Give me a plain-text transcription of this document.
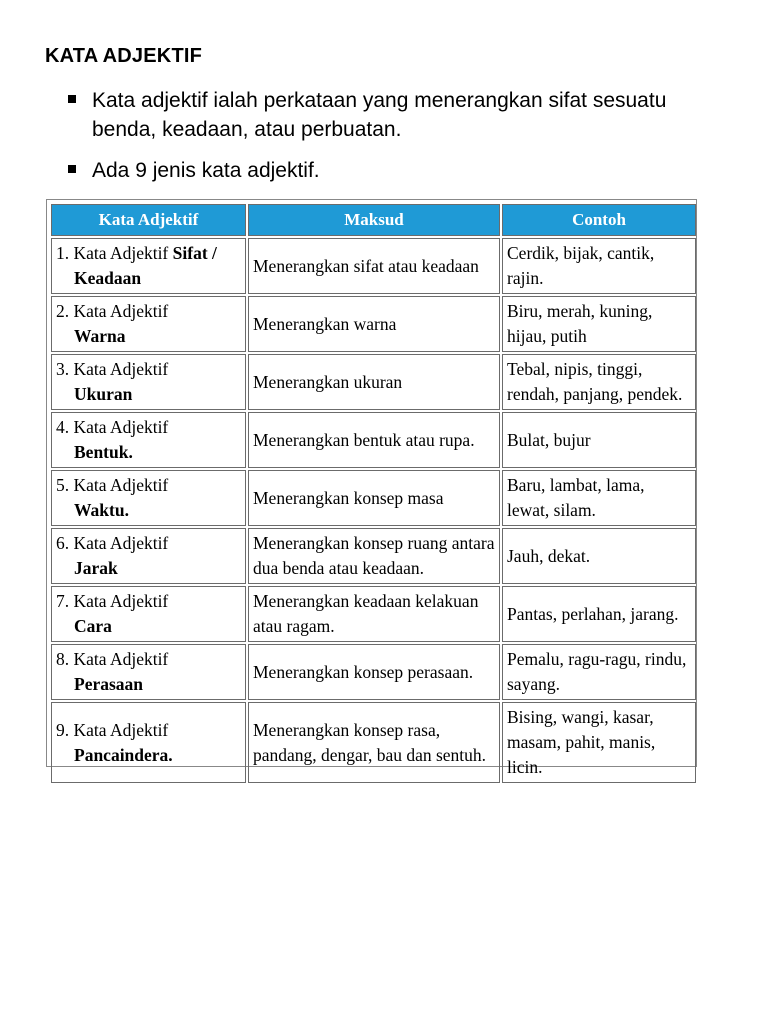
KATA ADJEKTIF
Kata adjektif ialah perkataan yang menerangkan sifat sesuatu benda, keadaan, atau perbuatan.
Ada 9 jenis kata adjektif.
Kata Adjektif	Maksud	Contoh

1. Kata Adjektif Sifat /
Keadaan	Menerangkan sifat atau keadaan	Cerdik, bijak, cantik, rajin.

2. Kata Adjektif
Warna	Menerangkan warna	Biru, merah, kuning, hijau, putih

3. Kata Adjektif
Ukuran	Menerangkan ukuran	Tebal, nipis, tinggi, rendah, panjang, pendek.

4. Kata Adjektif
Bentuk.	Menerangkan bentuk atau rupa.	Bulat, bujur

5. Kata Adjektif
Waktu.	Menerangkan konsep masa	Baru, lambat, lama, lewat, silam.

6. Kata Adjektif
Jarak	Menerangkan konsep ruang antara dua benda atau keadaan.	Jauh, dekat.

7. Kata Adjektif
Cara	Menerangkan keadaan kelakuan atau ragam.	Pantas, perlahan, jarang.

8. Kata Adjektif
Perasaan	Menerangkan konsep perasaan.	Pemalu, ragu-ragu, rindu, sayang.

9. Kata Adjektif
Pancaindera.	Menerangkan konsep rasa, pandang, dengar, bau dan sentuh.	Bising, wangi, kasar, masam, pahit, manis, licin.
